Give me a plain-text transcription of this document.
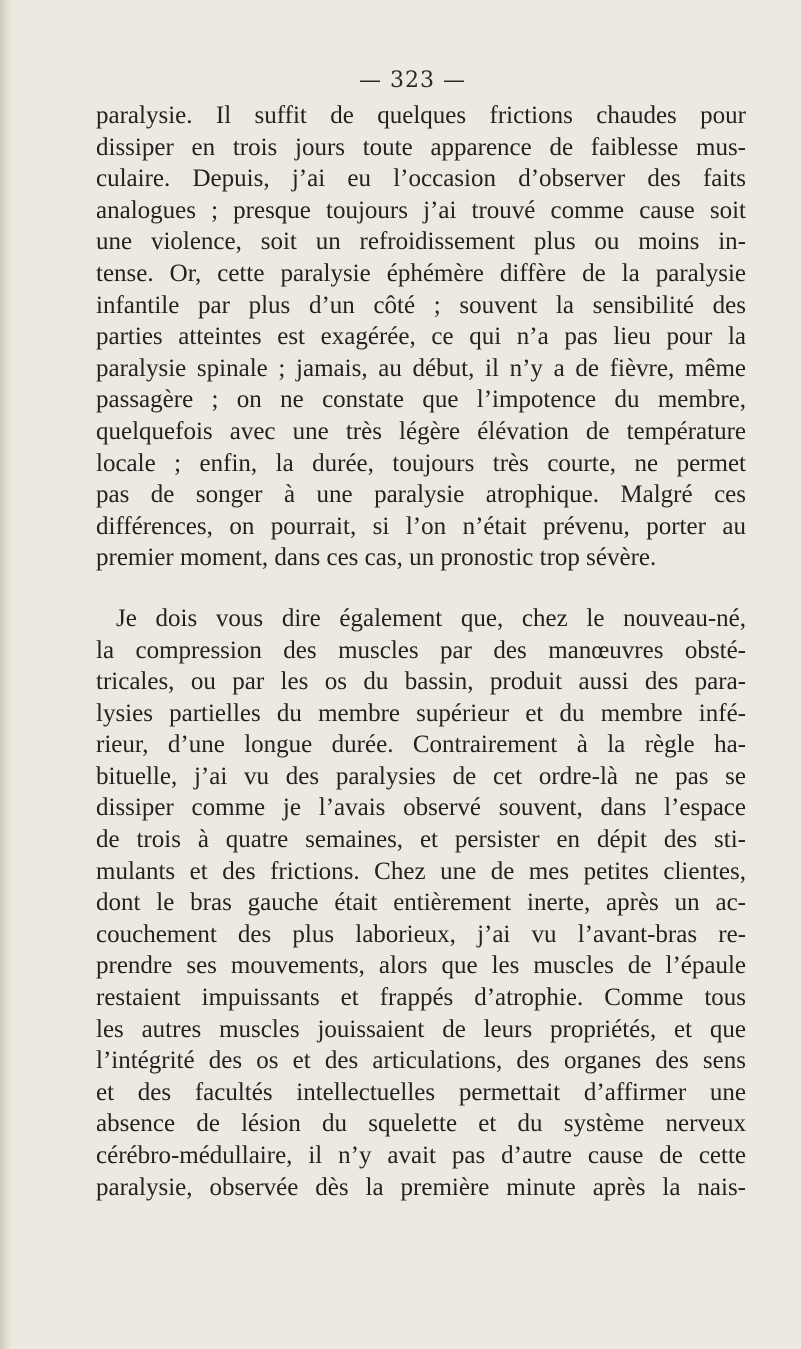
— 323 —
paralysie. Il suffit de quelques frictions chaudes pour
dissiper en trois jours toute apparence de faiblesse mus-
culaire. Depuis, j’ai eu l’occasion d’observer des faits
analogues ; presque toujours j’ai trouvé comme cause soit
une violence, soit un refroidissement plus ou moins in-
tense. Or, cette paralysie éphémère diffère de la paralysie
infantile par plus d’un côté ; souvent la sensibilité des
parties atteintes est exagérée, ce qui n’a pas lieu pour la
paralysie spinale ; jamais, au début, il n’y a de fièvre, même
passagère ; on ne constate que l’impotence du membre,
quelquefois avec une très légère élévation de température
locale ; enfin, la durée, toujours très courte, ne permet
pas de songer à une paralysie atrophique. Malgré ces
différences, on pourrait, si l’on n’était prévenu, porter au
premier moment, dans ces cas, un pronostic trop sévère.
Je dois vous dire également que, chez le nouveau-né,
la compression des muscles par des manœuvres obsté-
tricales, ou par les os du bassin, produit aussi des para-
lysies partielles du membre supérieur et du membre infé-
rieur, d’une longue durée. Contrairement à la règle ha-
bituelle, j’ai vu des paralysies de cet ordre-là ne pas se
dissiper comme je l’avais observé souvent, dans l’espace
de trois à quatre semaines, et persister en dépit des sti-
mulants et des frictions. Chez une de mes petites clientes,
dont le bras gauche était entièrement inerte, après un ac-
couchement des plus laborieux, j’ai vu l’avant-bras re-
prendre ses mouvements, alors que les muscles de l’épaule
restaient impuissants et frappés d’atrophie. Comme tous
les autres muscles jouissaient de leurs propriétés, et que
l’intégrité des os et des articulations, des organes des sens
et des facultés intellectuelles permettait d’affirmer une
absence de lésion du squelette et du système nerveux
cérébro-médullaire, il n’y avait pas d’autre cause de cette
paralysie, observée dès la première minute après la nais-
